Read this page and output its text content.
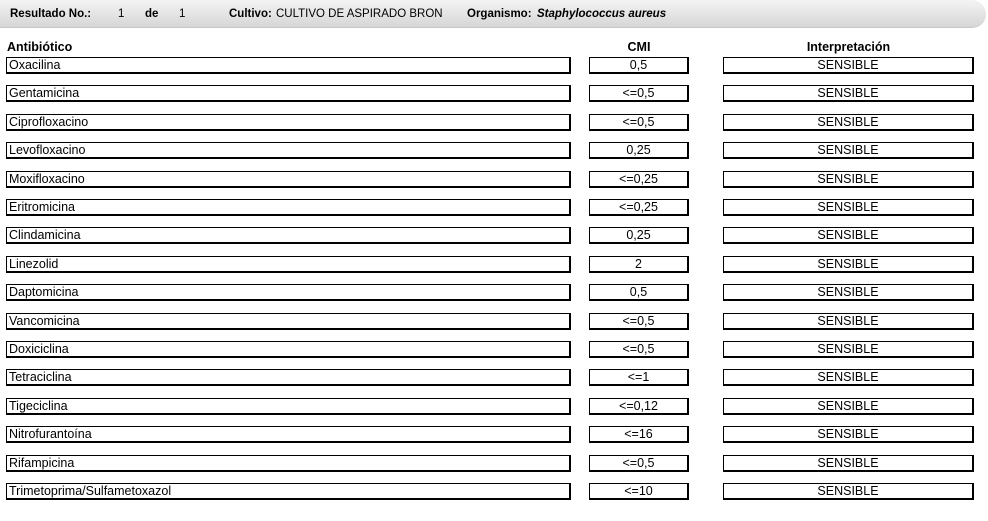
Resultado No.: 1 de 1	Cultivo: CULTIVO DE ASPIRADO BRON	Organismo: Staphylococcus aureus
Antibiótico	CMI	Interpretación
Oxacilina	0,5	SENSIBLE
Gentamicina	<=0,5	SENSIBLE
Ciprofloxacino	<=0,5	SENSIBLE
Levofloxacino	0,25	SENSIBLE
Moxifloxacino	<=0,25	SENSIBLE
Eritromicina	<=0,25	SENSIBLE
Clindamicina	0,25	SENSIBLE
Linezolid	2	SENSIBLE
Daptomicina	0,5	SENSIBLE
Vancomicina	<=0,5	SENSIBLE
Doxiciclina	<=0,5	SENSIBLE
Tetraciclina	<=1	SENSIBLE
Tigeciclina	<=0,12	SENSIBLE
Nitrofurantoína	<=16	SENSIBLE
Rifampicina	<=0,5	SENSIBLE
Trimetoprima/Sulfametoxazol	<=10	SENSIBLE
